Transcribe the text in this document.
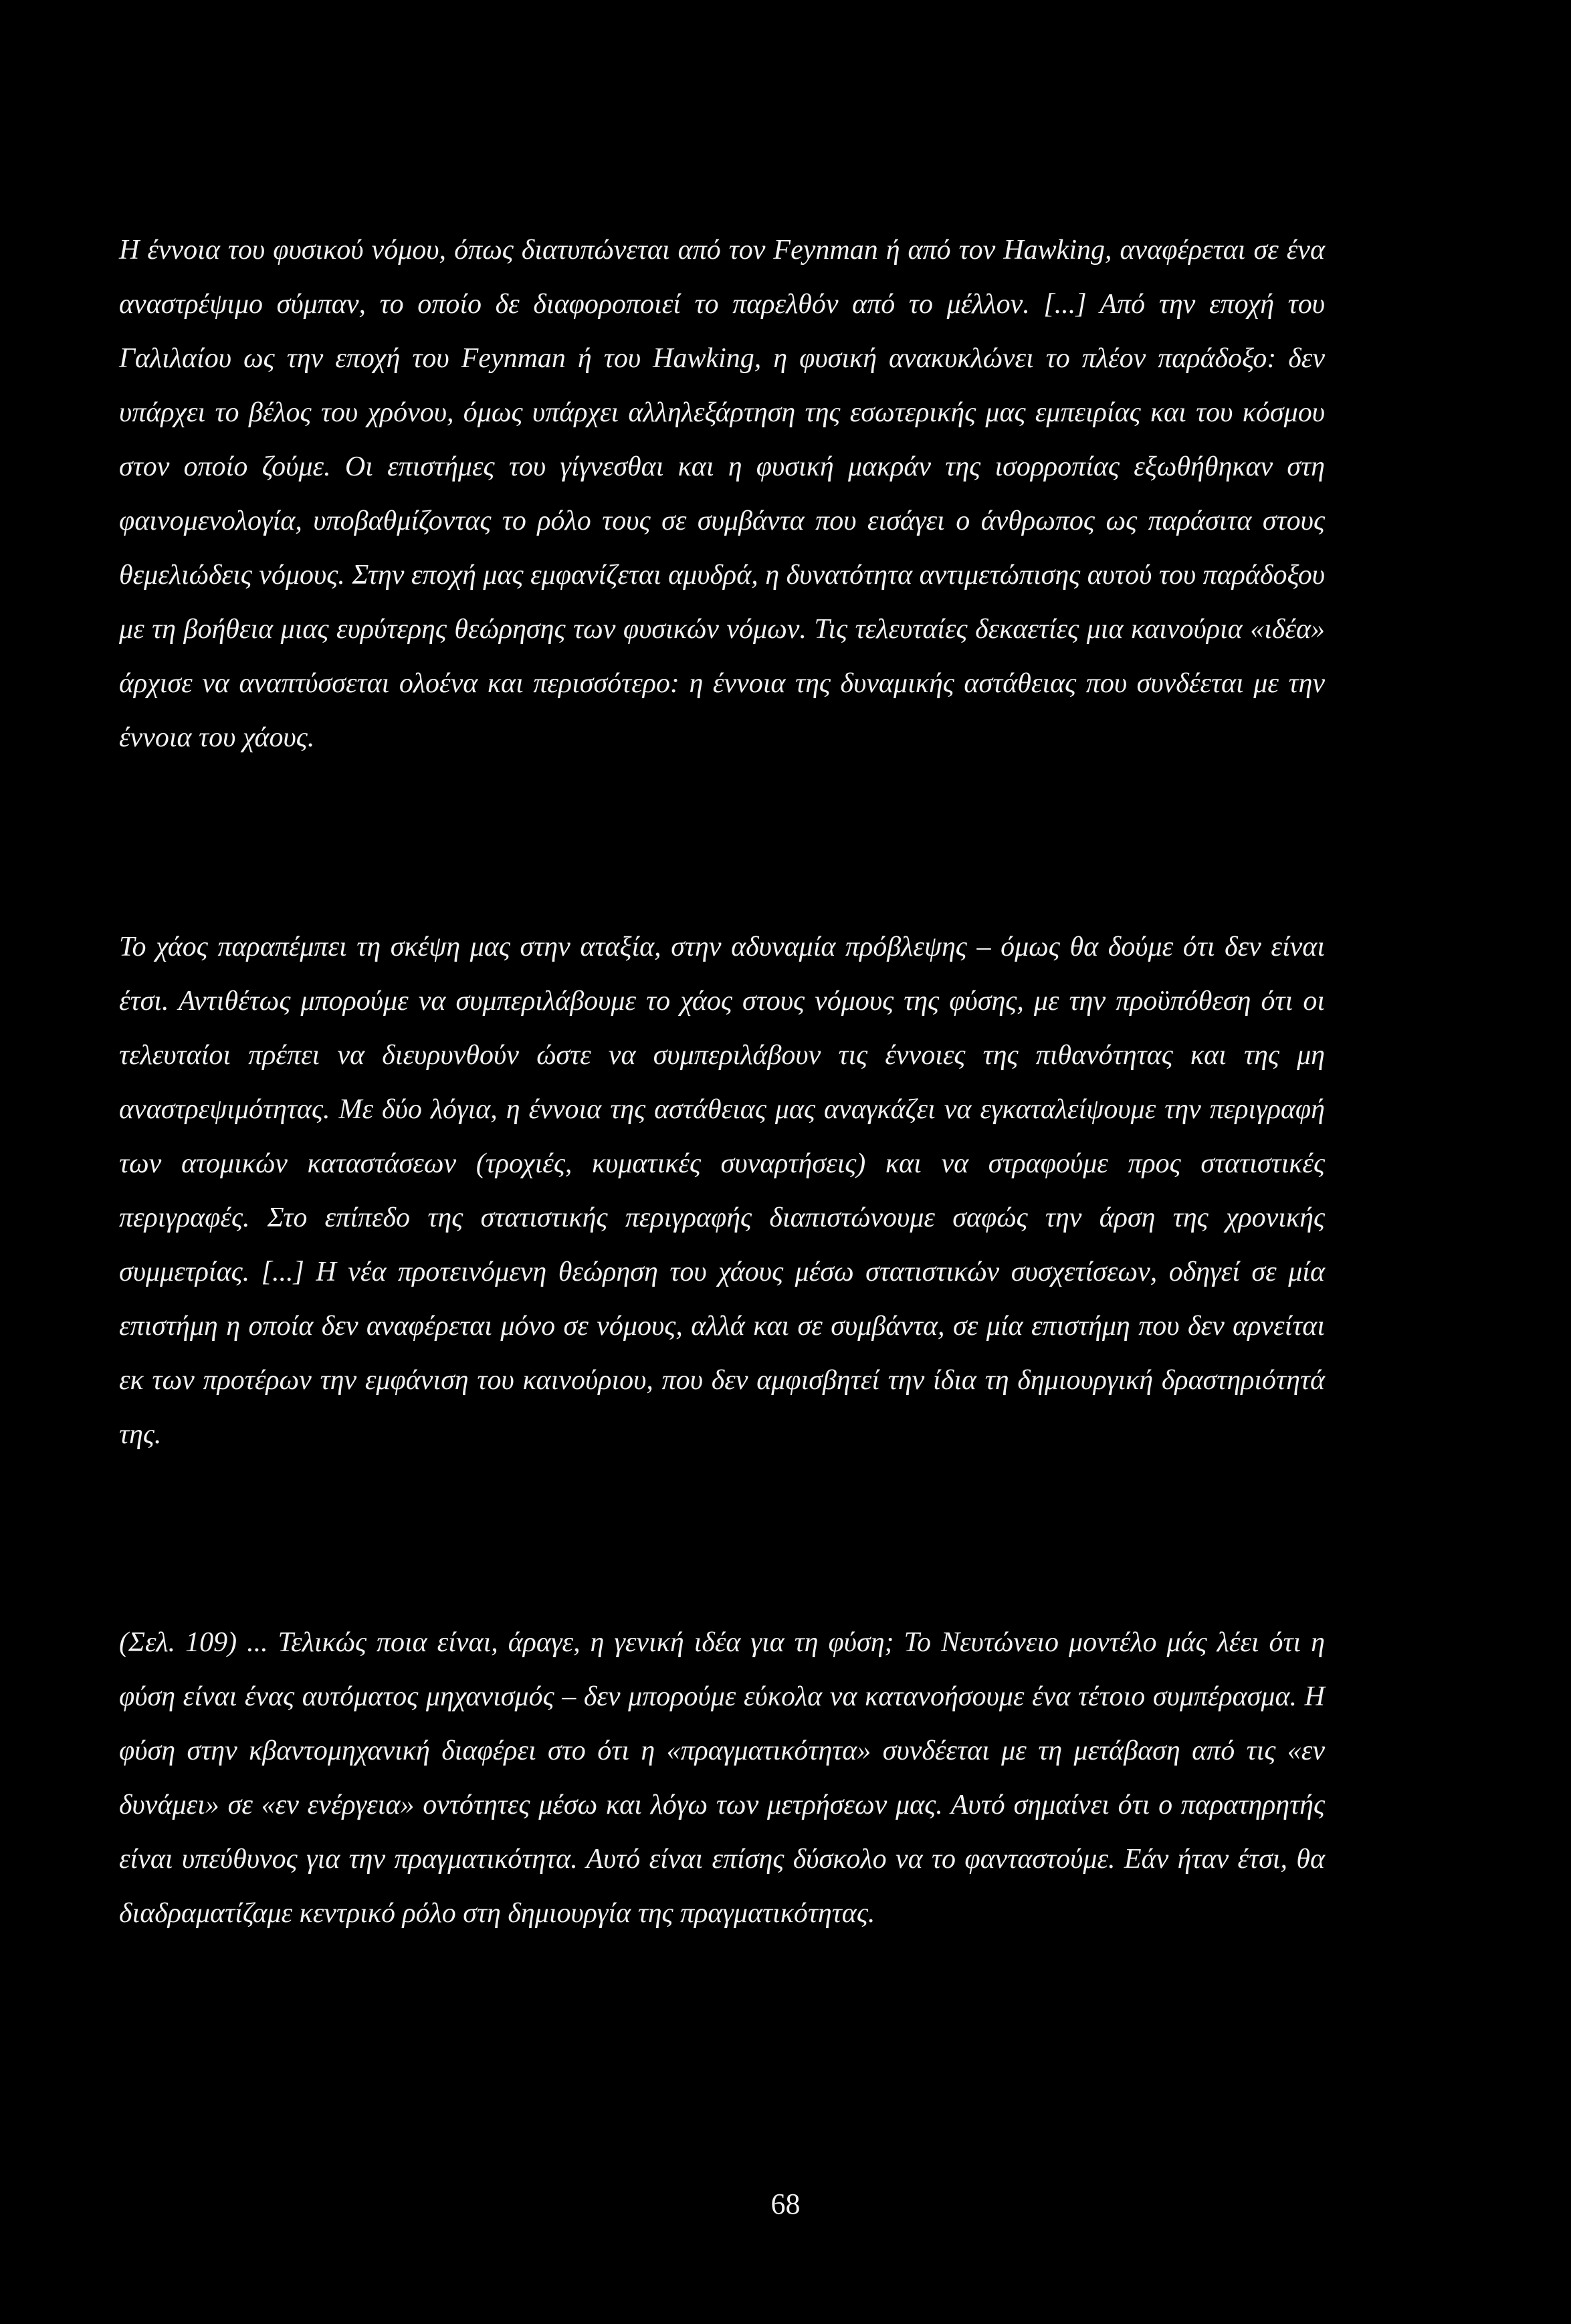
Η έννοια του φυσικού νόμου, όπως διατυπώνεται από τον Feynman ή από τον Hawking, αναφέρεται σε ένα αναστρέψιμο σύμπαν, το οποίο δε διαφοροποιεί το παρελθόν από το μέλλον. [...] Από την εποχή του Γαλιλαίου ως την εποχή του Feynman ή του Hawking, η φυσική ανακυκλώνει το πλέον παράδοξο: δεν υπάρχει το βέλος του χρόνου, όμως υπάρχει αλληλεξάρτηση της εσωτερικής μας εμπειρίας και του κόσμου στον οποίο ζούμε. Οι επιστήμες του γίγνεσθαι και η φυσική μακράν της ισορροπίας εξωθήθηκαν στη φαινομενολογία, υποβαθμίζοντας το ρόλο τους σε συμβάντα που εισάγει ο άνθρωπος ως παράσιτα στους θεμελιώδεις νόμους. Στην εποχή μας εμφανίζεται αμυδρά, η δυνατότητα αντιμετώπισης αυτού του παράδοξου με τη βοήθεια μιας ευρύτερης θεώρησης των φυσικών νόμων. Τις τελευταίες δεκαετίες μια καινούρια «ιδέα» άρχισε να αναπτύσσεται ολοένα και περισσότερο: η έννοια της δυναμικής αστάθειας που συνδέεται με την έννοια του χάους.

Το χάος παραπέμπει τη σκέψη μας στην αταξία, στην αδυναμία πρόβλεψης – όμως θα δούμε ότι δεν είναι έτσι. Αντιθέτως μπορούμε να συμπεριλάβουμε το χάος στους νόμους της φύσης, με την προϋπόθεση ότι οι τελευταίοι πρέπει να διευρυνθούν ώστε να συμπεριλάβουν τις έννοιες της πιθανότητας και της μη αναστρεψιμότητας. Με δύο λόγια, η έννοια της αστάθειας μας αναγκάζει να εγκαταλείψουμε την περιγραφή των ατομικών καταστάσεων (τροχιές, κυματικές συναρτήσεις) και να στραφούμε προς στατιστικές περιγραφές. Στο επίπεδο της στατιστικής περιγραφής διαπιστώνουμε σαφώς την άρση της χρονικής συμμετρίας. [...] Η νέα προτεινόμενη θεώρηση του χάους μέσω στατιστικών συσχετίσεων, οδηγεί σε μία επιστήμη η οποία δεν αναφέρεται μόνο σε νόμους, αλλά και σε συμβάντα, σε μία επιστήμη που δεν αρνείται εκ των προτέρων την εμφάνιση του καινούριου, που δεν αμφισβητεί την ίδια τη δημιουργική δραστηριότητά της.

(Σελ. 109) ... Τελικώς ποια είναι, άραγε, η γενική ιδέα για τη φύση; Το Νευτώνειο μοντέλο μάς λέει ότι η φύση είναι ένας αυτόματος μηχανισμός – δεν μπορούμε εύκολα να κατανοήσουμε ένα τέτοιο συμπέρασμα. Η φύση στην κβαντομηχανική διαφέρει στο ότι η «πραγματικότητα» συνδέεται με τη μετάβαση από τις «εν δυνάμει» σε «εν ενέργεια» οντότητες μέσω και λόγω των μετρήσεων μας. Αυτό σημαίνει ότι ο παρατηρητής είναι υπεύθυνος για την πραγματικότητα. Αυτό είναι επίσης δύσκολο να το φανταστούμε. Εάν ήταν έτσι, θα διαδραματίζαμε κεντρικό ρόλο στη δημιουργία της πραγματικότητας.

68
